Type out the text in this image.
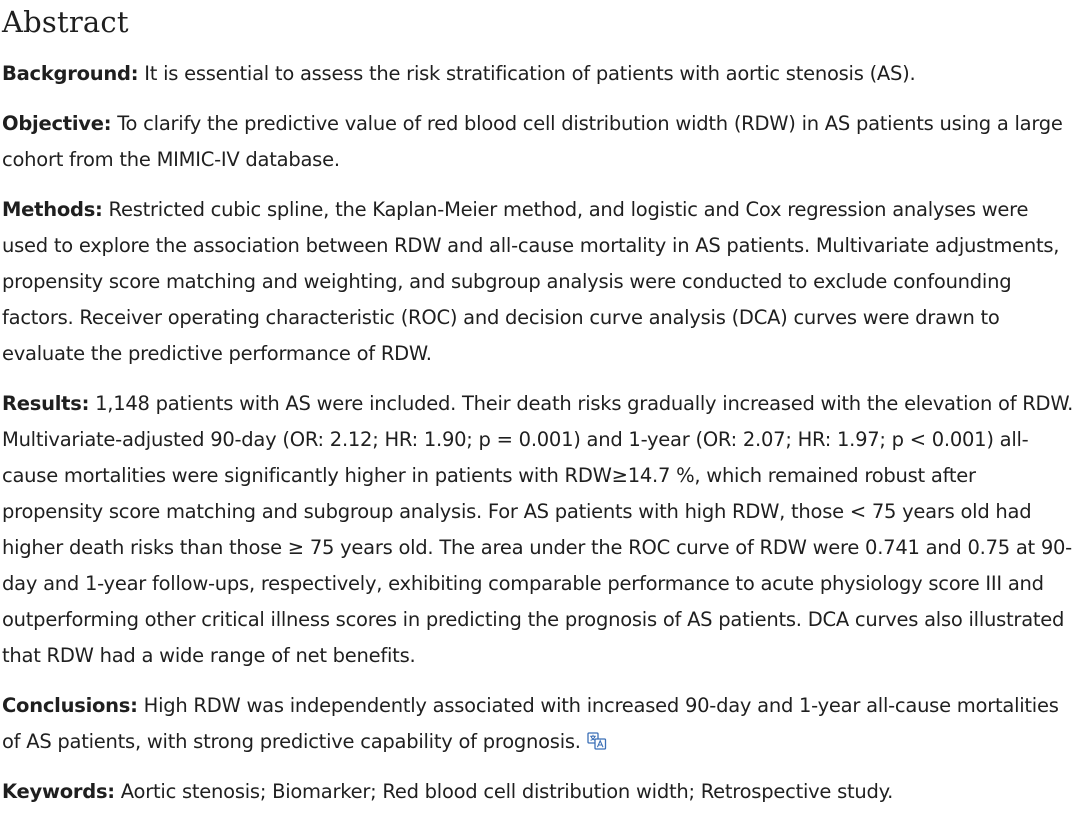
Abstract

Background: It is essential to assess the risk stratification of patients with aortic stenosis (AS).

Objective: To clarify the predictive value of red blood cell distribution width (RDW) in AS patients using a large cohort from the MIMIC-IV database.

Methods: Restricted cubic spline, the Kaplan-Meier method, and logistic and Cox regression analyses were used to explore the association between RDW and all-cause mortality in AS patients. Multivariate adjustments, propensity score matching and weighting, and subgroup analysis were conducted to exclude confounding factors. Receiver operating characteristic (ROC) and decision curve analysis (DCA) curves were drawn to evaluate the predictive performance of RDW.

Results: 1,148 patients with AS were included. Their death risks gradually increased with the elevation of RDW. Multivariate-adjusted 90-day (OR: 2.12; HR: 1.90; p = 0.001) and 1-year (OR: 2.07; HR: 1.97; p < 0.001) all-cause mortalities were significantly higher in patients with RDW≥14.7 %, which remained robust after propensity score matching and subgroup analysis. For AS patients with high RDW, those < 75 years old had higher death risks than those ≥ 75 years old. The area under the ROC curve of RDW were 0.741 and 0.75 at 90-day and 1-year follow-ups, respectively, exhibiting comparable performance to acute physiology score III and outperforming other critical illness scores in predicting the prognosis of AS patients. DCA curves also illustrated that RDW had a wide range of net benefits.

Conclusions: High RDW was independently associated with increased 90-day and 1-year all-cause mortalities of AS patients, with strong predictive capability of prognosis.

Keywords: Aortic stenosis; Biomarker; Red blood cell distribution width; Retrospective study.
